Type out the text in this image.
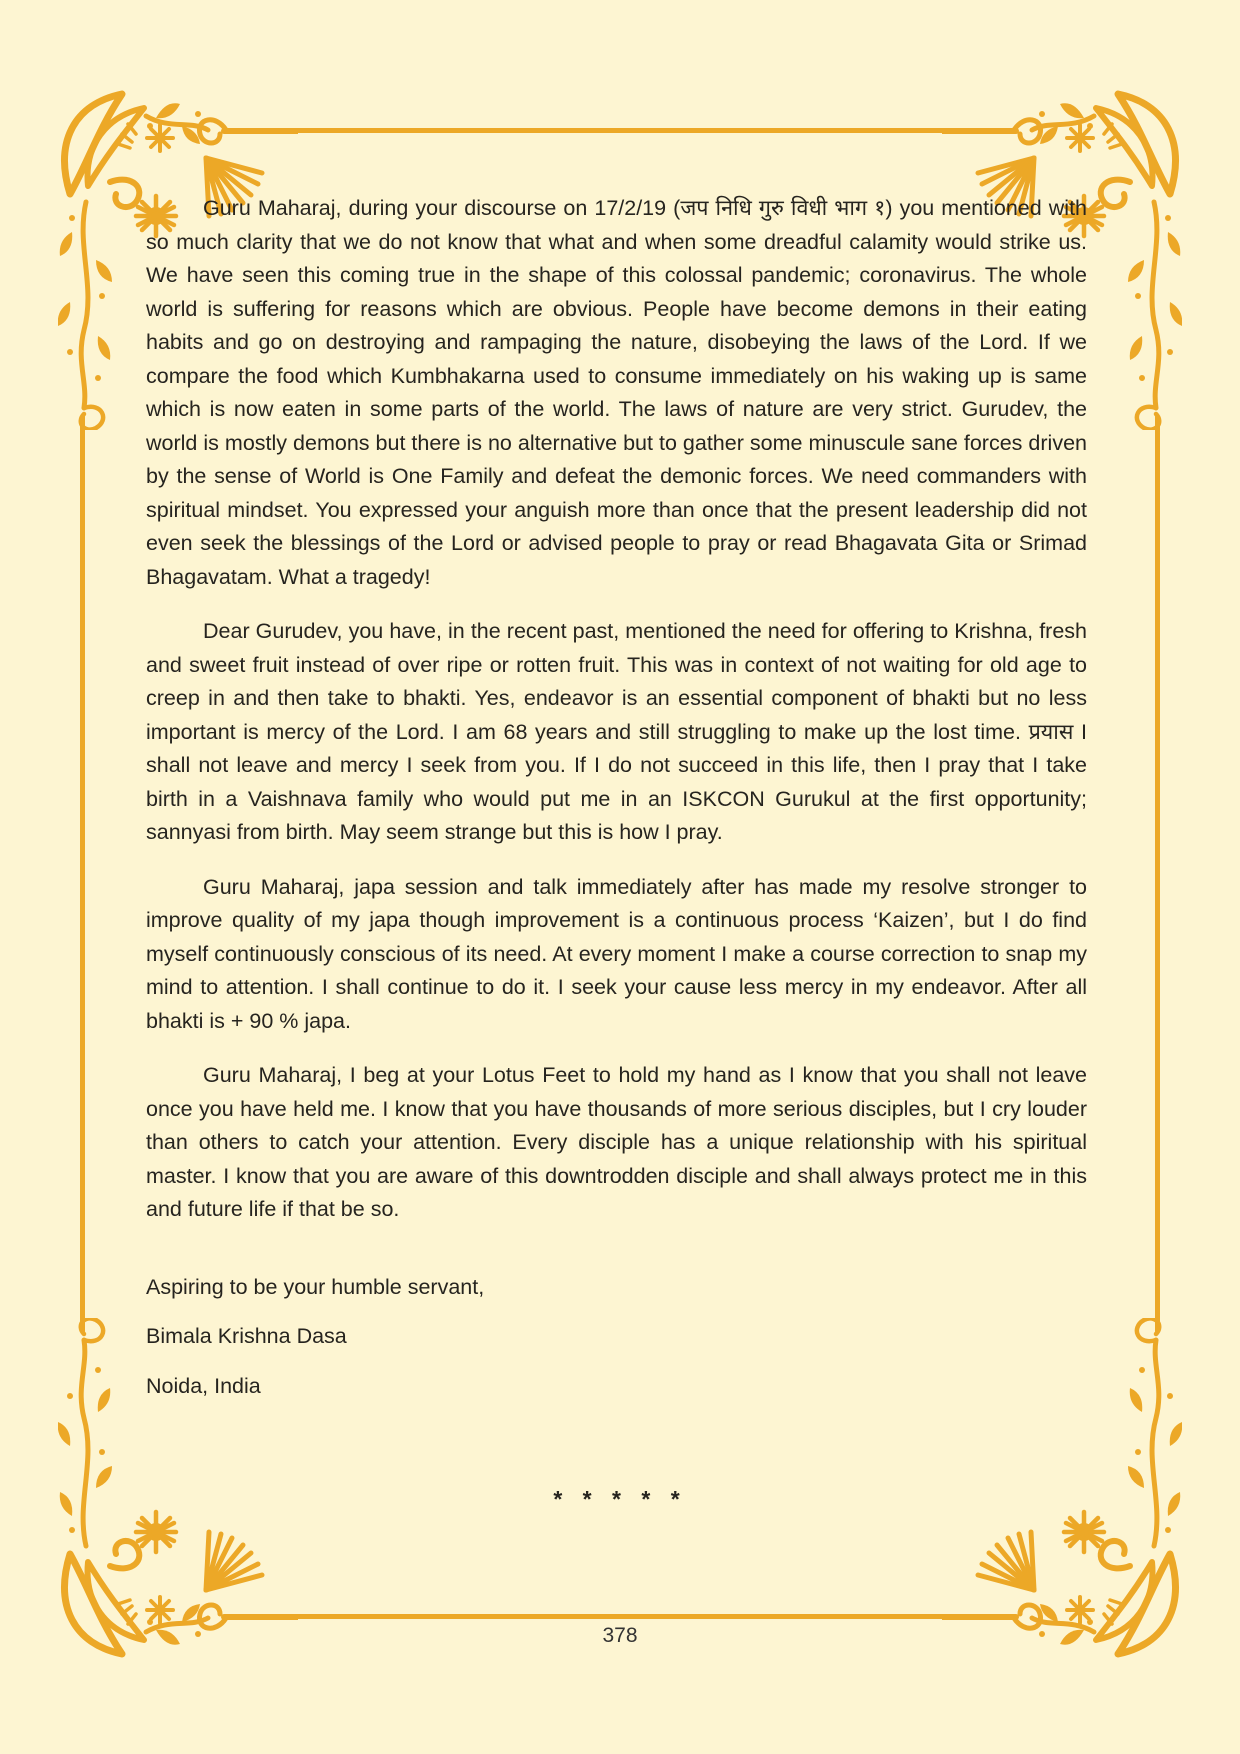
Guru Maharaj, during your discourse on 17/2/19 (जप निधि गुरु विधी भाग १) you mentioned with so much clarity that we do not know that what and when some dreadful calamity would strike us. We have seen this coming true in the shape of this colossal pandemic; coronavirus. The whole world is suffering for reasons which are obvious. People have become demons in their eating habits and go on destroying and rampaging the nature, disobeying the laws of the Lord. If we compare the food which Kumbhakarna used to consume immediately on his waking up is same which is now eaten in some parts of the world. The laws of nature are very strict. Gurudev, the world is mostly demons but there is no alternative but to gather some minuscule sane forces driven by the sense of World is One Family and defeat the demonic forces. We need commanders with spiritual mindset. You expressed your anguish more than once that the present leadership did not even seek the blessings of the Lord or advised people to pray or read Bhagavata Gita or Srimad Bhagavatam. What a tragedy!

Dear Gurudev, you have, in the recent past, mentioned the need for offering to Krishna, fresh and sweet fruit instead of over ripe or rotten fruit. This was in context of not waiting for old age to creep in and then take to bhakti. Yes, endeavor is an essential component of bhakti but no less important is mercy of the Lord. I am 68 years and still struggling to make up the lost time. प्रयास I shall not leave and mercy I seek from you. If I do not succeed in this life, then I pray that I take birth in a Vaishnava family who would put me in an ISKCON Gurukul at the first opportunity; sannyasi from birth. May seem strange but this is how I pray.

Guru Maharaj, japa session and talk immediately after has made my resolve stronger to improve quality of my japa though improvement is a continuous process ‘Kaizen’, but I do find myself continuously conscious of its need. At every moment I make a course correction to snap my mind to attention. I shall continue to do it. I seek your cause less mercy in my endeavor. After all bhakti is + 90 % japa.

Guru Maharaj, I beg at your Lotus Feet to hold my hand as I know that you shall not leave once you have held me. I know that you have thousands of more serious disciples, but I cry louder than others to catch your attention. Every disciple has a unique relationship with his spiritual master. I know that you are aware of this downtrodden disciple and shall always protect me in this and future life if that be so.

Aspiring to be your humble servant,

Bimala Krishna Dasa

Noida, India

* * * * *
378
